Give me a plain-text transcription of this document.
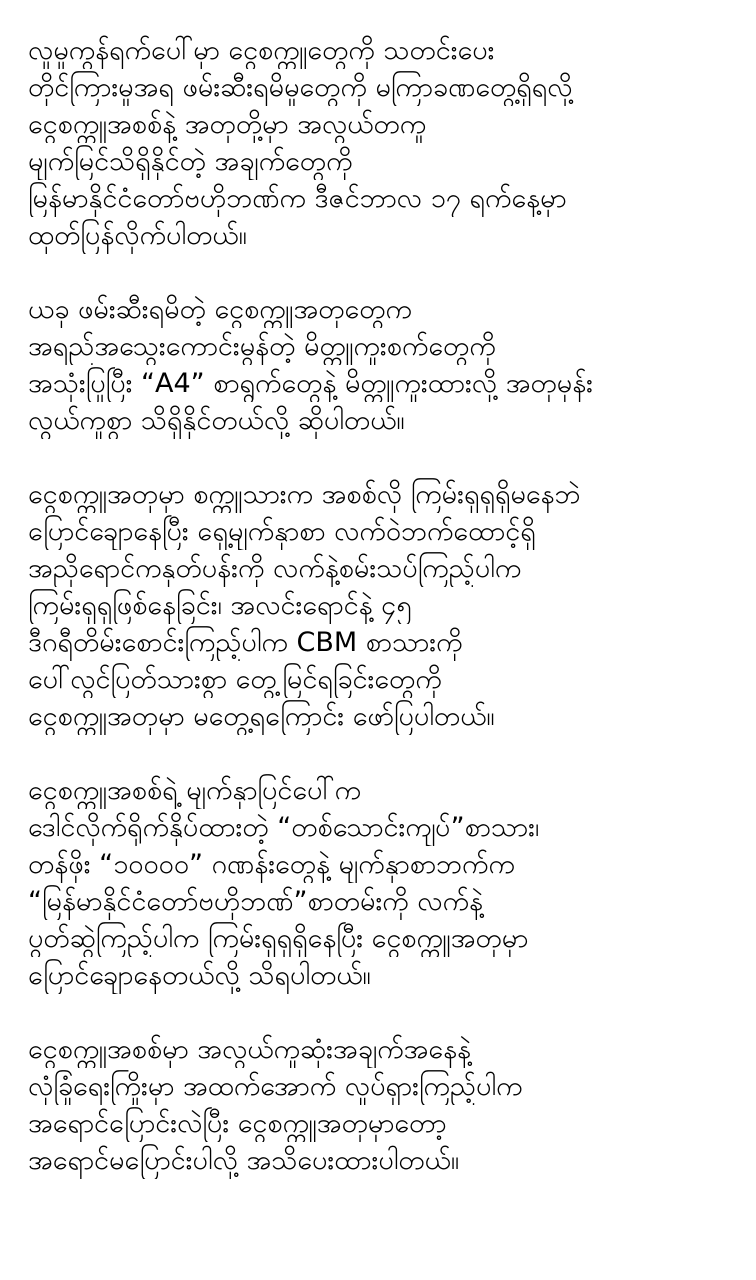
လူမှုကွန်ရက်ပေါ်မှာ ငွေစက္ကူတွေကို သတင်းပေး
တိုင်ကြားမှုအရ ဖမ်းဆီးရမိမှုတွေကို မကြာခဏတွေ့ရှိရလို့
ငွေစက္ကူအစစ်နဲ့ အတုတို့မှာ အလွယ်တကူ
မျက်မြင်သိရှိနိုင်တဲ့ အချက်တွေကို
မြန်မာနိုင်ငံတော်ဗဟိုဘဏ်က ဒီဇင်ဘာလ ၁၇ ရက်နေ့မှာ
ထုတ်ပြန်လိုက်ပါတယ်။
ယခု ဖမ်းဆီးရမိတဲ့ ငွေစက္ကူအတုတွေက
အရည်အသွေးကောင်းမွန်တဲ့ မိတ္တူကူးစက်တွေကို
အသုံးပြုပြီး “A4” စာရွက်တွေနဲ့ မိတ္တူကူးထားလို့ အတုမှန်း
လွယ်ကူစွာ သိရှိနိုင်တယ်လို့ ဆိုပါတယ်။
ငွေစက္ကူအတုမှာ စက္ကူသားက အစစ်လို ကြမ်းရှရှရှိမနေဘဲ
ပြောင်ချောနေပြီး ရှေ့မျက်နှာစာ လက်ဝဲဘက်ထောင့်ရှိ
အညိုရောင်ကနုတ်ပန်းကို လက်နဲ့စမ်းသပ်ကြည့်ပါက
ကြမ်းရှရှဖြစ်နေခြင်း၊ အလင်းရောင်နဲ့ ၄၅
ဒီဂရီတိမ်းစောင်းကြည့်ပါက CBM စာသားကို
ပေါ်လွင်ပြတ်သားစွာ တွေ့မြင်ရခြင်းတွေကို
ငွေစက္ကူအတုမှာ မတွေ့ရကြောင်း ဖော်ပြပါတယ်။
ငွေစက္ကူအစစ်ရဲ့ မျက်နှာပြင်ပေါ်က
ဒေါင်လိုက်ရိုက်နှိပ်ထားတဲ့ “တစ်သောင်းကျပ်”စာသား၊
တန်ဖိုး “၁၀၀၀၀” ဂဏန်းတွေနဲ့ မျက်နှာစာဘက်က
“မြန်မာနိုင်ငံတော်ဗဟိုဘဏ်”စာတမ်းကို လက်နဲ့
ပွတ်ဆွဲကြည့်ပါက ကြမ်းရှရှရှိနေပြီး ငွေစက္ကူအတုမှာ
ပြောင်ချောနေတယ်လို့ သိရပါတယ်။
ငွေစက္ကူအစစ်မှာ အလွယ်ကူဆုံးအချက်အနေနဲ့
လုံခြုံရေးကြိုးမှာ အထက်အောက် လှုပ်ရှားကြည့်ပါက
အရောင်ပြောင်းလဲပြီး ငွေစက္ကူအတုမှာတော့
အရောင်မပြောင်းပါလို့ အသိပေးထားပါတယ်။
